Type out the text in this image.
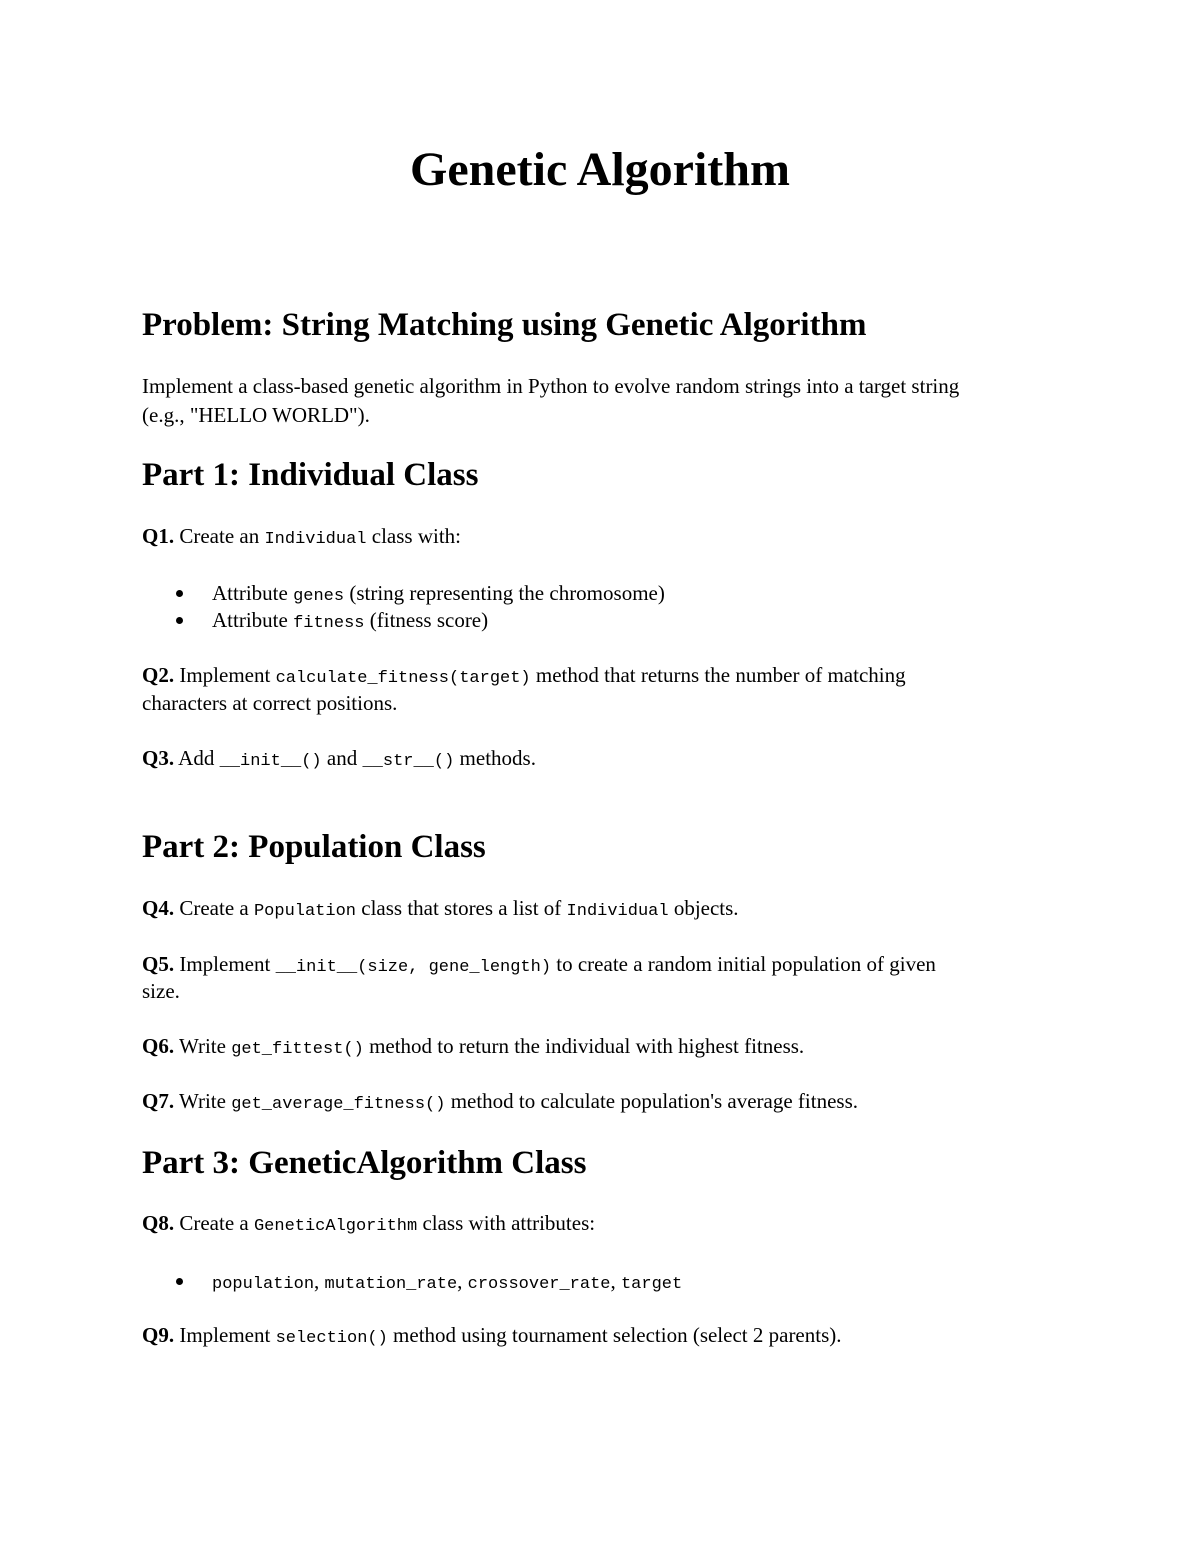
Genetic Algorithm
Problem: String Matching using Genetic Algorithm
Implement a class-based genetic algorithm in Python to evolve random strings into a target string
(e.g., "HELLO WORLD").
Part 1: Individual Class
Q1. Create an Individual class with:
Attribute genes (string representing the chromosome)
Attribute fitness (fitness score)
Q2. Implement calculate_fitness(target) method that returns the number of matching
characters at correct positions.
Q3. Add __init__() and __str__() methods.
Part 2: Population Class
Q4. Create a Population class that stores a list of Individual objects.
Q5. Implement __init__(size, gene_length) to create a random initial population of given
size.
Q6. Write get_fittest() method to return the individual with highest fitness.
Q7. Write get_average_fitness() method to calculate population's average fitness.
Part 3: GeneticAlgorithm Class
Q8. Create a GeneticAlgorithm class with attributes:
population, mutation_rate, crossover_rate, target
Q9. Implement selection() method using tournament selection (select 2 parents).
